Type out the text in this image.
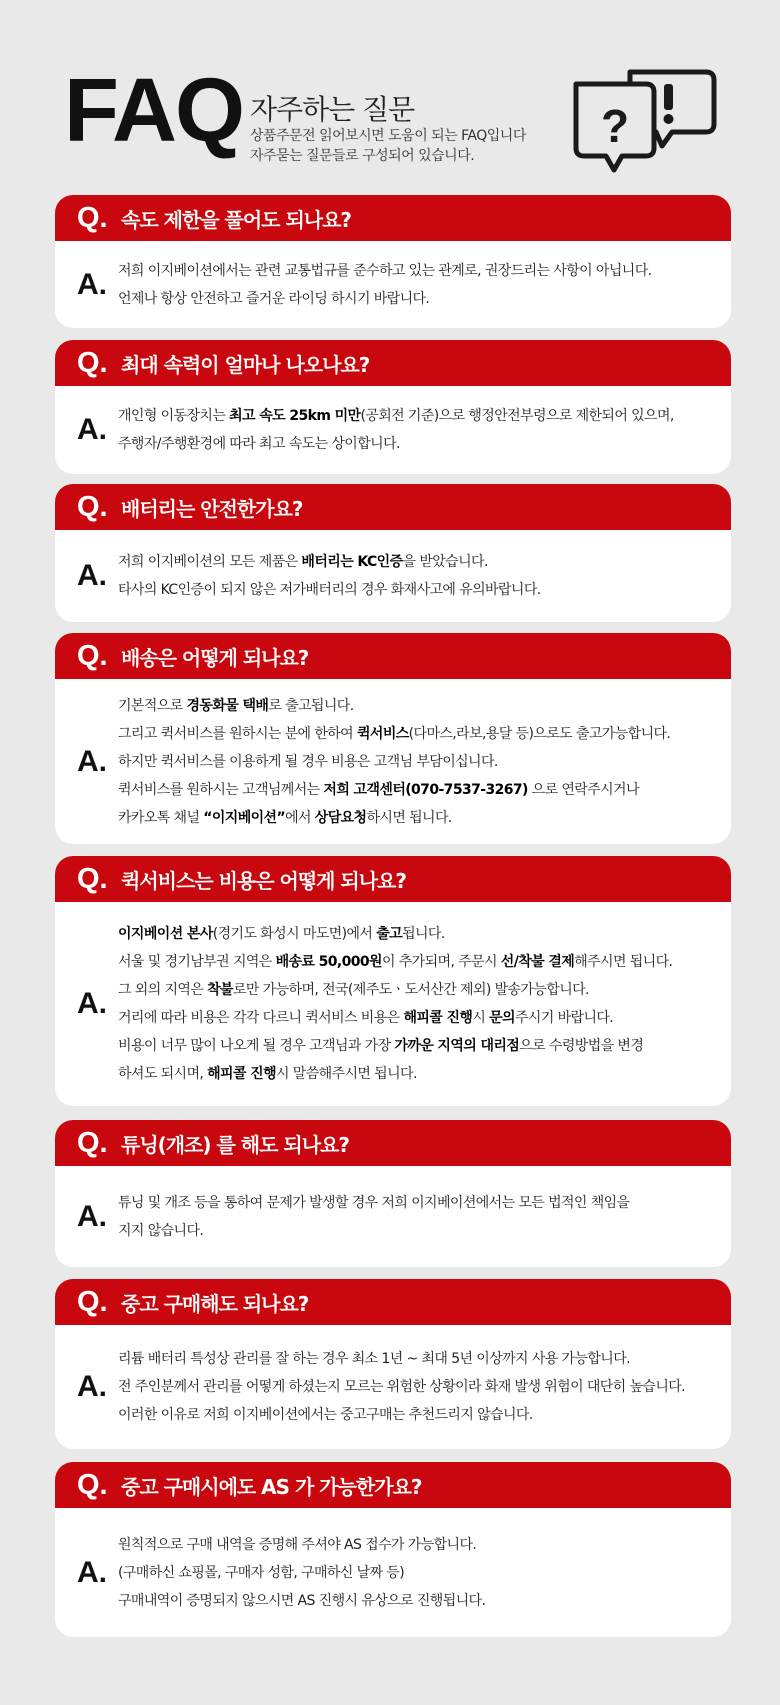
FAQ 자주하는 질문
상품주문전 읽어보시면 도움이 되는 FAQ입니다
자주묻는 질문들로 구성되어 있습니다.
?
Q. 속도 제한을 풀어도 되나요?
A. 저희 이지베이션에서는 관련 교통법규를 준수하고 있는 관계로, 권장드리는 사항이 아닙니다.
언제나 항상 안전하고 즐거운 라이딩 하시기 바랍니다.
Q. 최대 속력이 얼마나 나오나요?
A. 개인형 이동장치는 최고 속도 25km 미만(공회전 기준)으로 행정안전부령으로 제한되어 있으며,
주행자/주행환경에 따라 최고 속도는 상이합니다.
Q. 배터리는 안전한가요?
A. 저희 이지베이션의 모든 제품은 배터리는 KC인증을 받았습니다.
타사의 KC인증이 되지 않은 저가배터리의 경우 화재사고에 유의바랍니다.
Q. 배송은 어떻게 되나요?
A.
기본적으로 경동화물 택배로 출고됩니다.
그리고 퀵서비스를 원하시는 분에 한하여 퀵서비스(다마스,라보,용달 등)으로도 출고가능합니다.
하지만 퀵서비스를 이용하게 될 경우 비용은 고객님 부담이십니다.
퀵서비스를 원하시는 고객님께서는 저희 고객센터(070-7537-3267) 으로 연락주시거나
카카오톡 채널 “이지베이션”에서 상담요청하시면 됩니다.
Q. 퀵서비스는 비용은 어떻게 되나요?
A.
이지베이션 본사(경기도 화성시 마도면)에서 출고됩니다.
서울 및 경기남부권 지역은 배송료 50,000원이 추가되며, 주문시 선/착불 결제해주시면 됩니다.
그 외의 지역은 착불로만 가능하며, 전국(제주도ㆍ도서산간 제외) 발송가능합니다.
거리에 따라 비용은 각각 다르니 퀵서비스 비용은 해피콜 진행시 문의주시기 바랍니다.
비용이 너무 많이 나오게 될 경우 고객님과 가장 가까운 지역의 대리점으로 수령방법을 변경
하셔도 되시며, 해피콜 진행시 말씀해주시면 됩니다.
Q. 튜닝(개조) 를 해도 되나요?
A. 튜닝 및 개조 등을 통하여 문제가 발생할 경우 저희 이지베이션에서는 모든 법적인 책임을
지지 않습니다.
Q. 중고 구매해도 되나요?
A.
리튬 배터리 특성상 관리를 잘 하는 경우 최소 1년 ~ 최대 5년 이상까지 사용 가능합니다.
전 주인분께서 관리를 어떻게 하셨는지 모르는 위험한 상황이라 화재 발생 위험이 대단히 높습니다.
이러한 이유로 저희 이지베이션에서는 중고구매는 추천드리지 않습니다.
Q. 중고 구매시에도 AS 가 가능한가요?
A.
원칙적으로 구매 내역을 증명해 주셔야 AS 접수가 가능합니다.
(구매하신 쇼핑몰, 구매자 성함, 구매하신 날짜 등)
구매내역이 증명되지 않으시면 AS 진행시 유상으로 진행됩니다.
